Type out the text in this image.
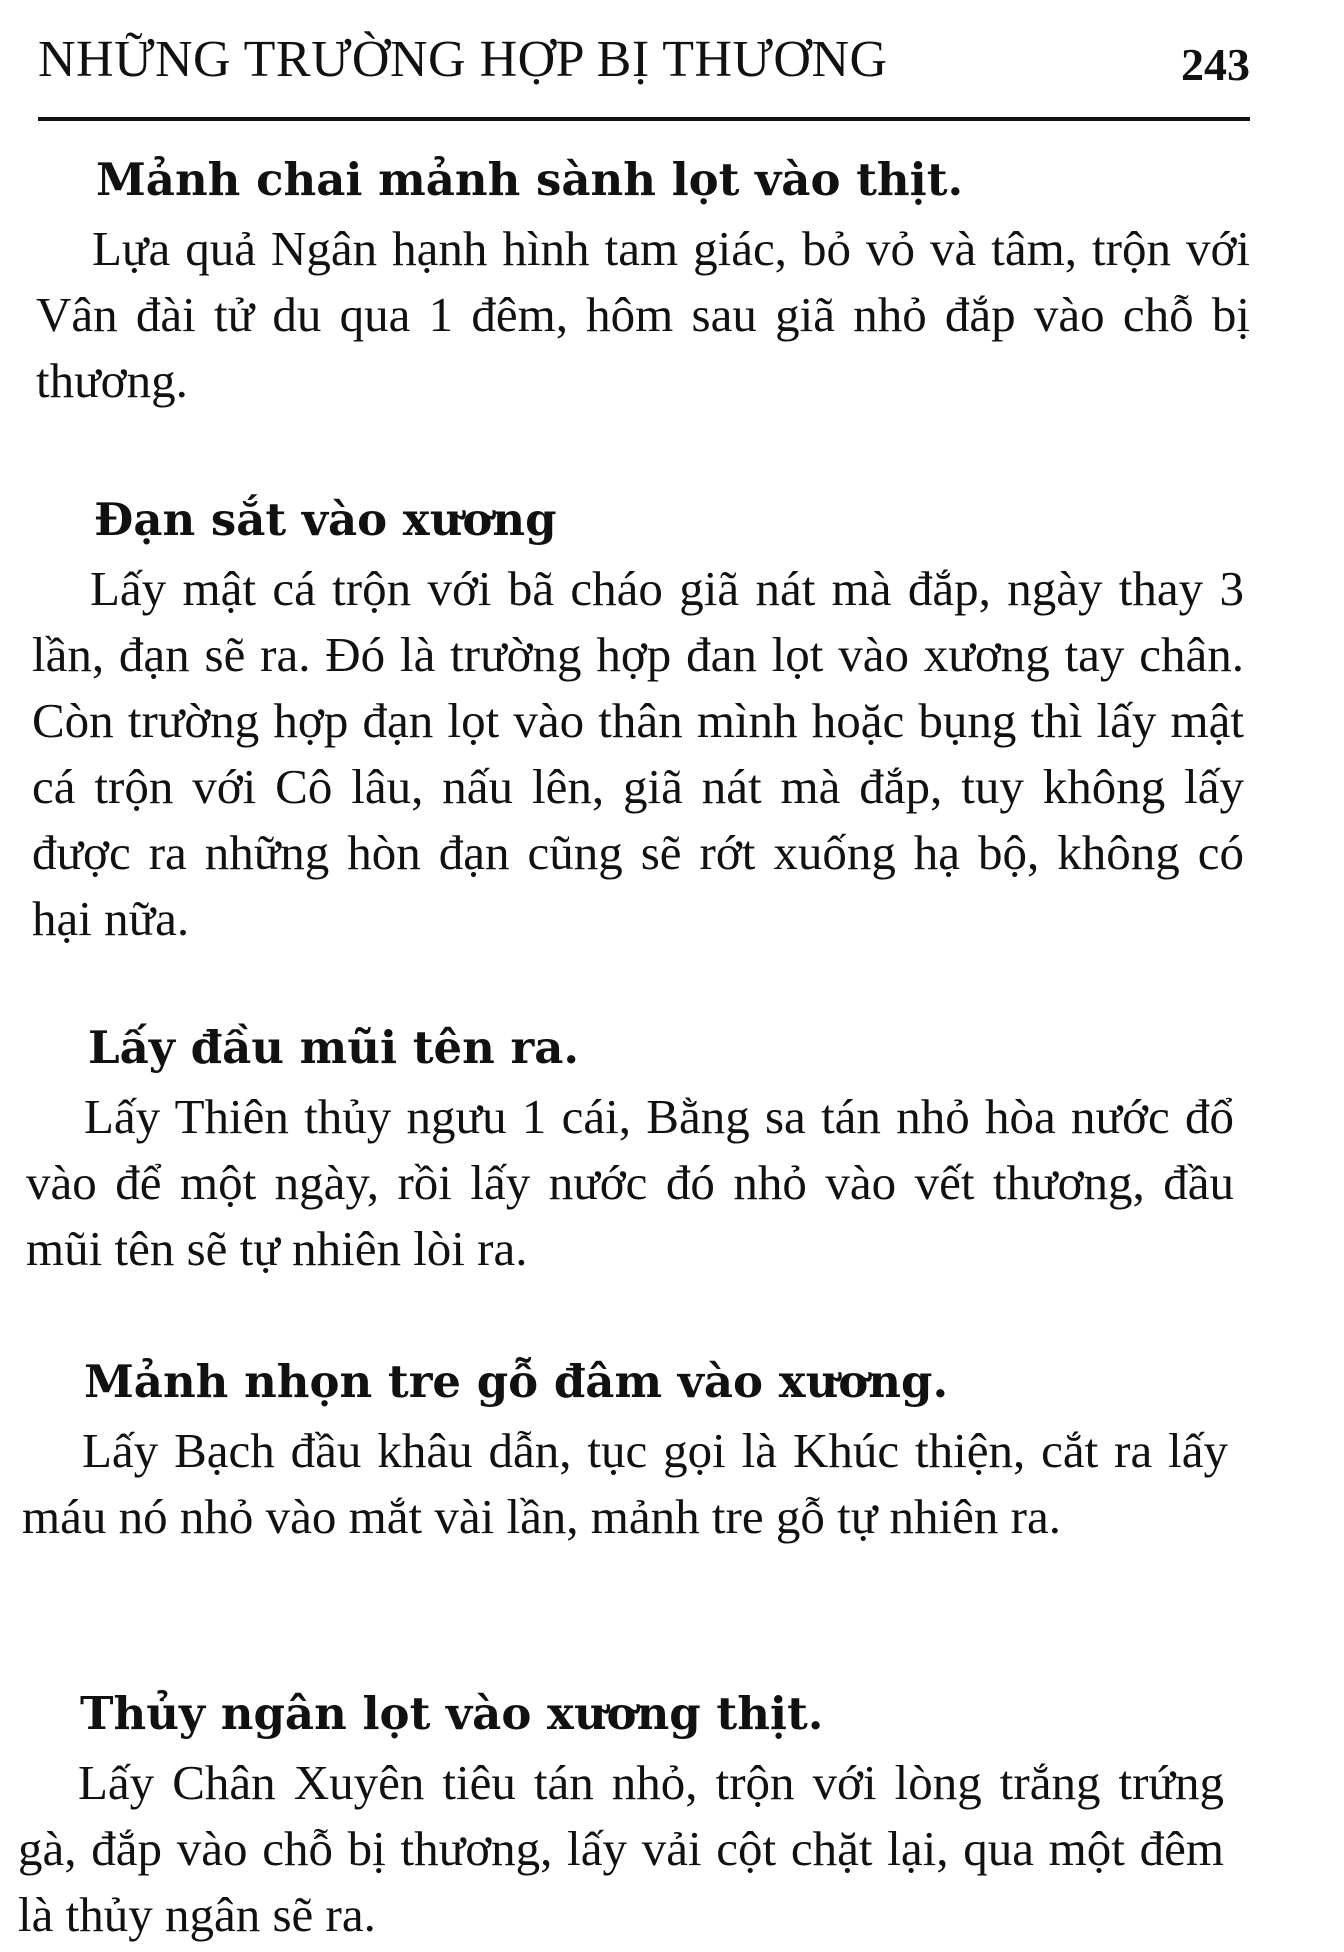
NHỮNG TRƯỜNG HỢP BỊ THƯƠNG	243

Mảnh chai mảnh sành lọt vào thịt.

Lựa quả Ngân hạnh hình tam giác, bỏ vỏ và tâm, trộn với Vân đài tử du qua 1 đêm, hôm sau giã nhỏ đắp vào chỗ bị thương.

Đạn sắt vào xương

Lấy mật cá trộn với bã cháo giã nát mà đắp, ngày thay 3 lần, đạn sẽ ra. Đó là trường hợp đan lọt vào xương tay chân. Còn trường hợp đạn lọt vào thân mình hoặc bụng thì lấy mật cá trộn với Cô lâu, nấu lên, giã nát mà đắp, tuy không lấy được ra những hòn đạn cũng sẽ rớt xuống hạ bộ, không có hại nữa.

Lấy đầu mũi tên ra.

Lấy Thiên thủy ngưu 1 cái, Bằng sa tán nhỏ hòa nước đổ vào để một ngày, rồi lấy nước đó nhỏ vào vết thương, đầu mũi tên sẽ tự nhiên lòi ra.

Mảnh nhọn tre gỗ đâm vào xương.

Lấy Bạch đầu khâu dẫn, tục gọi là Khúc thiện, cắt ra lấy máu nó nhỏ vào mắt vài lần, mảnh tre gỗ tự nhiên ra.

Thủy ngân lọt vào xương thịt.

Lấy Chân Xuyên tiêu tán nhỏ, trộn với lòng trắng trứng gà, đắp vào chỗ bị thương, lấy vải cột chặt lại, qua một đêm là thủy ngân sẽ ra.
